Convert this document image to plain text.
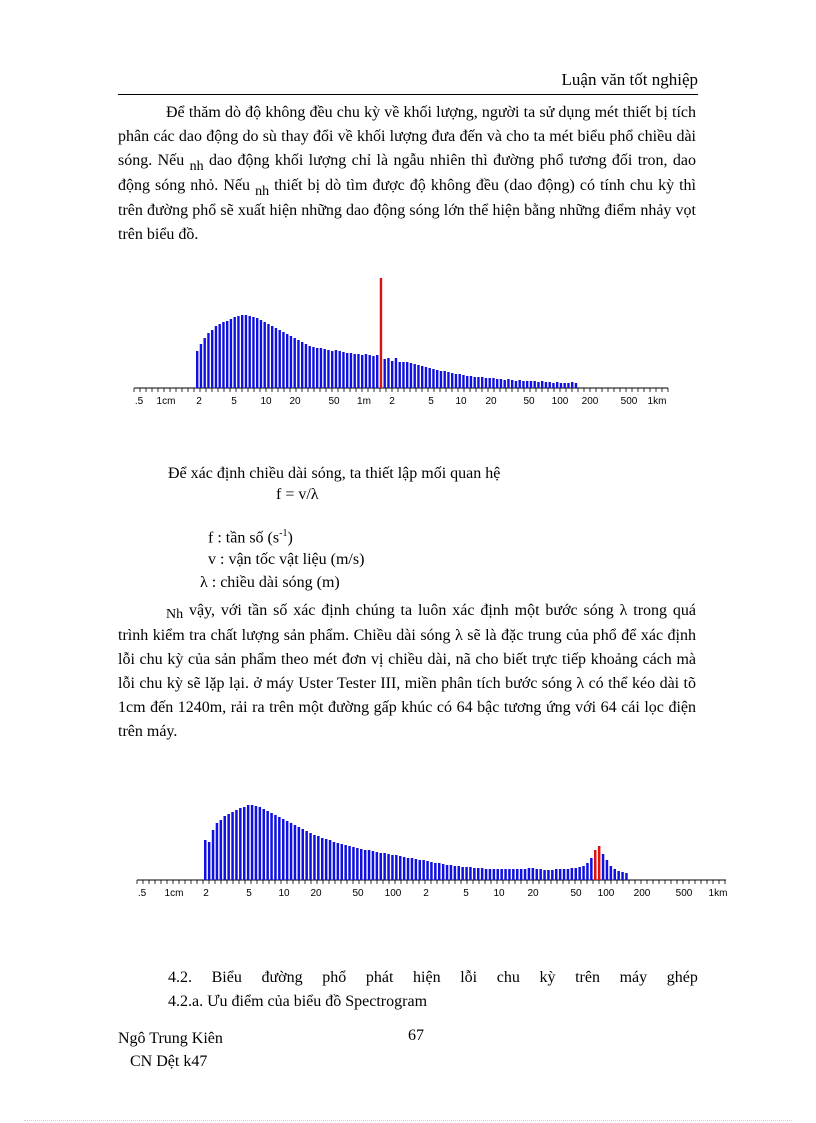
Luận văn tốt nghiệp

Để thăm dò độ không đều chu kỳ về khối lượng, người ta sử dụng mét thiết bị tích phân các dao động do sù thay đổi về khối lượng đưa đến và cho ta mét biểu phổ chiều dài sóng. Nếu nh dao động khối lượng chỉ là ngẫu nhiên thì đường phổ tương đối tron, dao động sóng nhỏ. Nếu nh thiết bị dò tìm được độ không đều (dao động) có tính chu kỳ thì trên đường phổ sẽ xuất hiện những dao động sóng lớn thể hiện bằng những điểm nhảy vọt trên biểu đồ.

.5 1cm 2	5 10 20	50 1m 2	5 10 20	50 100 200 500 1km
Để xác định chiều dài sóng, ta thiết lập mối quan hệ
f = v/λ
f : tần số $(s^{-1})$
v : vận tốc vật liệu (m/s)
λ : chiều dài sóng (m)

Nh vậy, với tần số xác định chúng ta luôn xác định một bước sóng λ trong quá trình kiểm tra chất lượng sản phẩm. Chiều dài sóng λ sẽ là đặc trung của phổ để xác định lỗi chu kỳ của sản phẩm theo mét đơn vị chiều dài, nã cho biết trực tiếp khoảng cách mà lỗi chu kỳ sẽ lặp lại. ở máy Uster Tester III, miền phân tích bước sóng λ có thể kéo dài tõ 1cm đến 1240m, rải ra trên một đường gấp khúc có 64 bậc tương ứng với 64 cái lọc điện trên máy.

.5 1cm 2	5	10 20	50 100 2	5 10 20	50 100 200	500 1km
4.2. Biểu đường phổ phát hiện lỗi chu kỳ trên máy ghép
4.2.a. Ưu điểm của biểu đồ Spectrogram
Ngô Trung Kiên
CN Dệt k47
67
